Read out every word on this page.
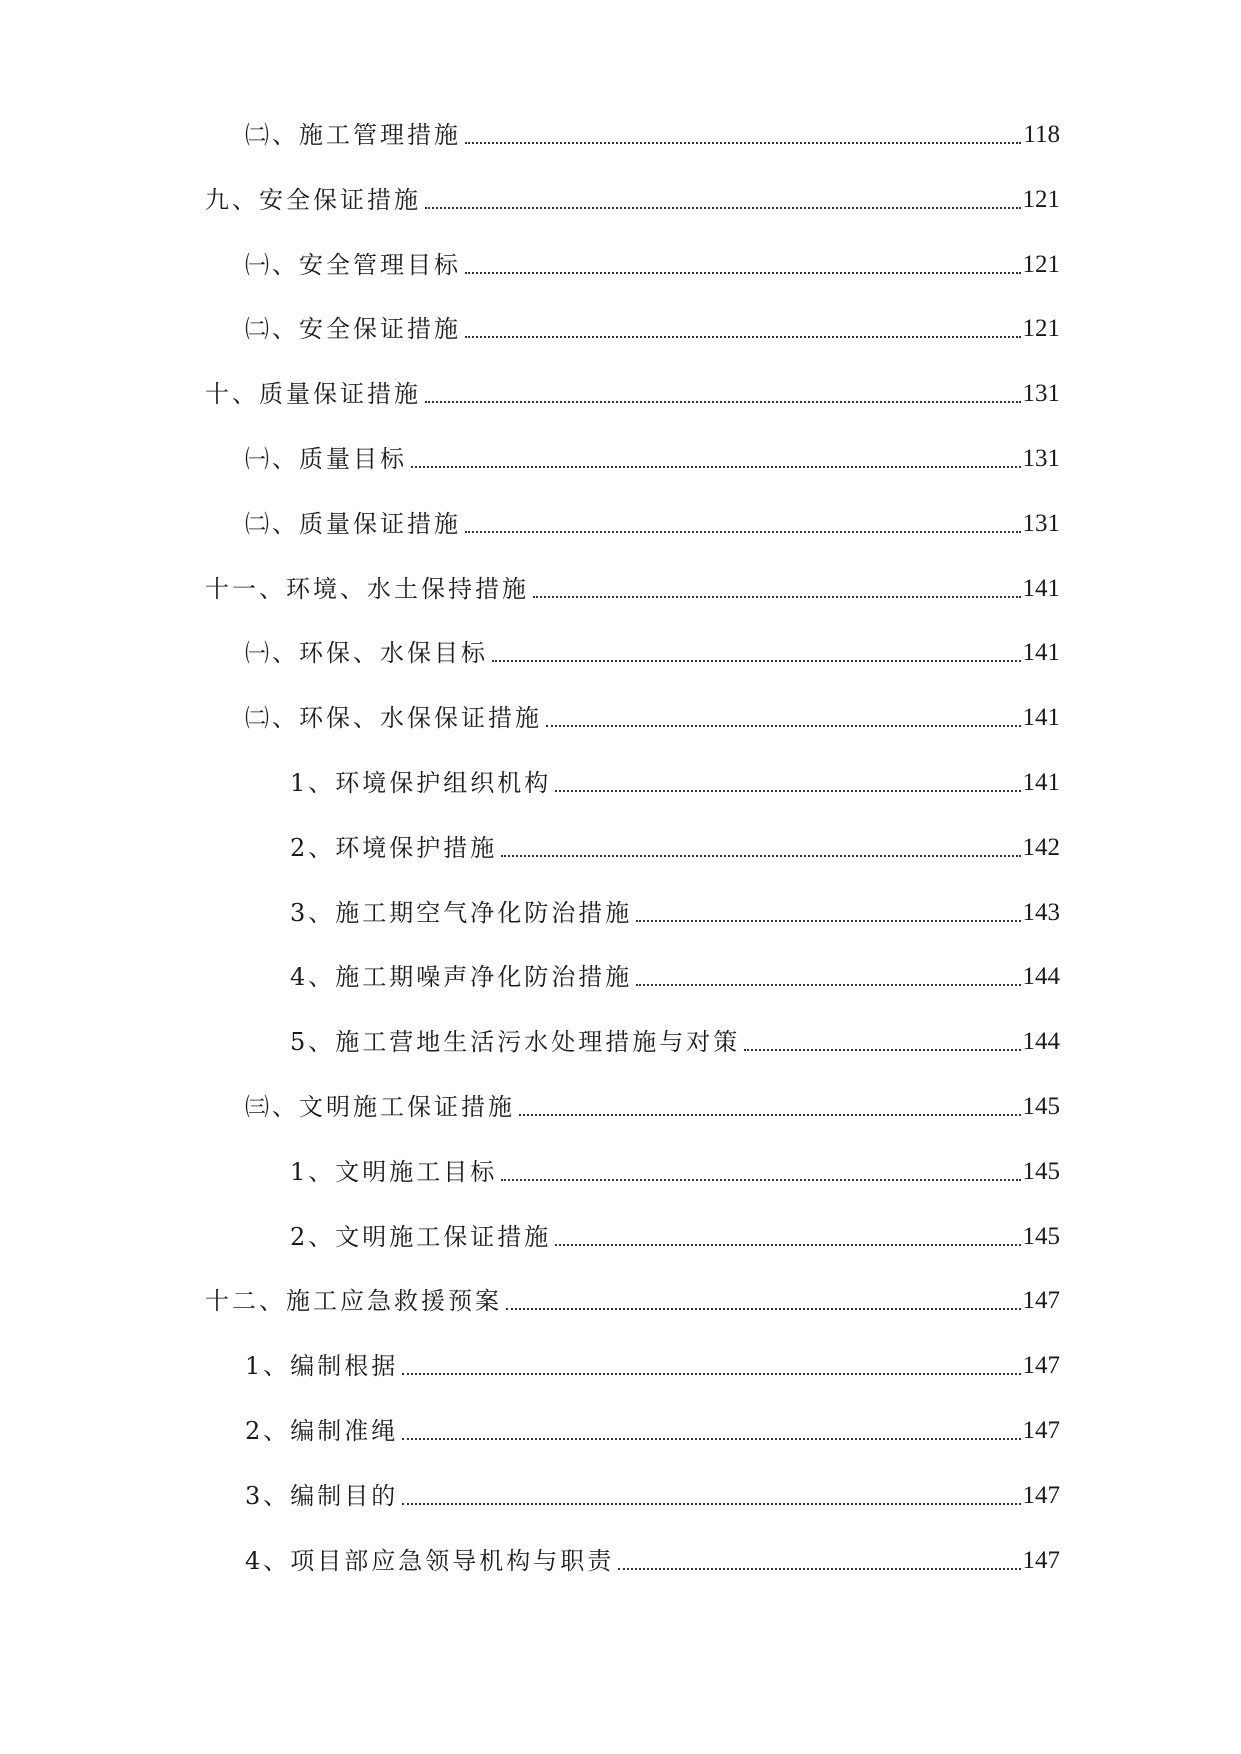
㈡、施工管理措施	118
九、安全保证措施	121
㈠、安全管理目标	121
㈡、安全保证措施	121
十、质量保证措施	131
㈠、质量目标	131
㈡、质量保证措施	131
十一、环境、水土保持措施	141
㈠、环保、水保目标	141
㈡、环保、水保保证措施	141
1、环境保护组织机构	141
2、环境保护措施	142
3、施工期空气净化防治措施	143
4、施工期噪声净化防治措施	144
5、施工营地生活污水处理措施与对策	144
㈢、文明施工保证措施	145
1、文明施工目标	145
2、文明施工保证措施	145
十二、施工应急救援预案	147
1、编制根据	147
2、编制准绳	147
3、编制目的	147
4、项目部应急领导机构与职责	147
